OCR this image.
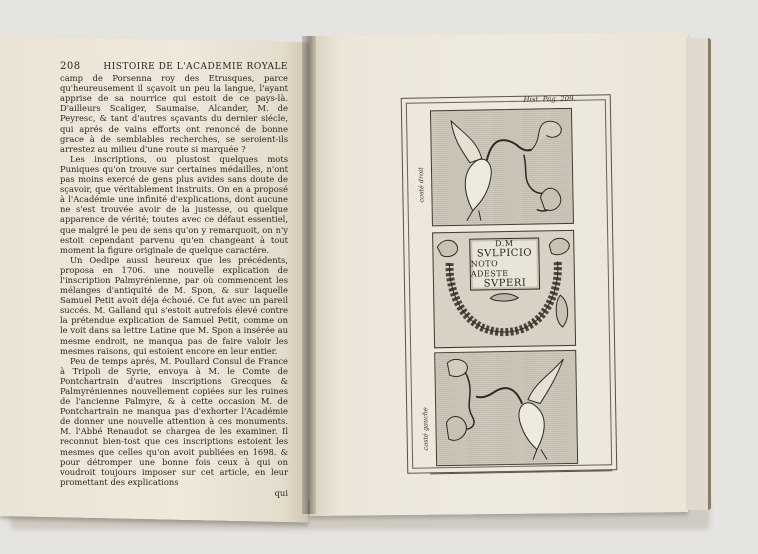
208	HISTOIRE DE L'ACADEMIE ROYALE

camp de Porsenna roy des Etrusques, parce qu'heureusement il sçavoit un peu la langue, l'ayant apprise de sa nourrice qui estoit de ce pays-là. D'ailleurs Scaliger, Saumaise, Alcander, M. de Peyresc, & tant d'autres sçavants du dernier siécle, qui aprés de vains efforts ont renoncé de bonne grace à de semblables recherches, se seroient-ils arrestez au milieu d'une route si marquée ?

Les inscriptions, ou plustost quelques mots Puniques qu'on trouve sur certaines médailles, n'ont pas moins exercé de gens plus avides sans doute de sçavoir, que véritablement instruits. On en a proposé à l'Académie une infinité d'explications, dont aucune ne s'est trouvée avoir de la justesse, ou quelque apparence de vérité; toutes avec ce défaut essentiel, que malgré le peu de sens qu'on y remarquoit, on n'y estoit cependant parvenu qu'en changeant à tout moment la figure originale de quelque caractére.

Un Oedipe aussi heureux que les précédents, proposa en 1706. une nouvelle explication de l'inscription Palmyrénienne, par où commencent les mélanges d'antiquité de M. Spon, & sur laquelle Samuel Petit avoit déja échoué. Ce fut avec un pareil succés. M. Galland qui s'estoit autrefois élevé contre la prétendue explication de Samuel Petit, comme on le voit dans sa lettre Latine que M. Spon a insérée au mesme endroit, ne manqua pas de faire valoir les mesmes raisons, qui estoient encore en leur entier.

Peu de temps aprés, M. Poullard Consul de France à Tripoli de Syrie, envoya à M. le Comte de Pontchartrain d'autres inscriptions Grecques & Palmyréniennes nouvellement copiées sur les ruines de l'ancienne Palmyre, & à cette occasion M. de Pontchartrain ne manqua pas d'exhorter l'Académie de donner une nouvelle attention à ces monuments. M. l'Abbé Renaudot se chargea de les examiner. Il reconnut bien-tost que ces inscriptions estoient les mesmes que celles qu'on avoit publiées en 1698. & pour détromper une bonne fois ceux à qui on voudroit toujours imposer sur cet article, en leur promettant des explications

qui
Hist. Pag. 209.
costé droit
costé gauche
D.M
SVLPICIO
NOTO ADESTE
SVPERI
